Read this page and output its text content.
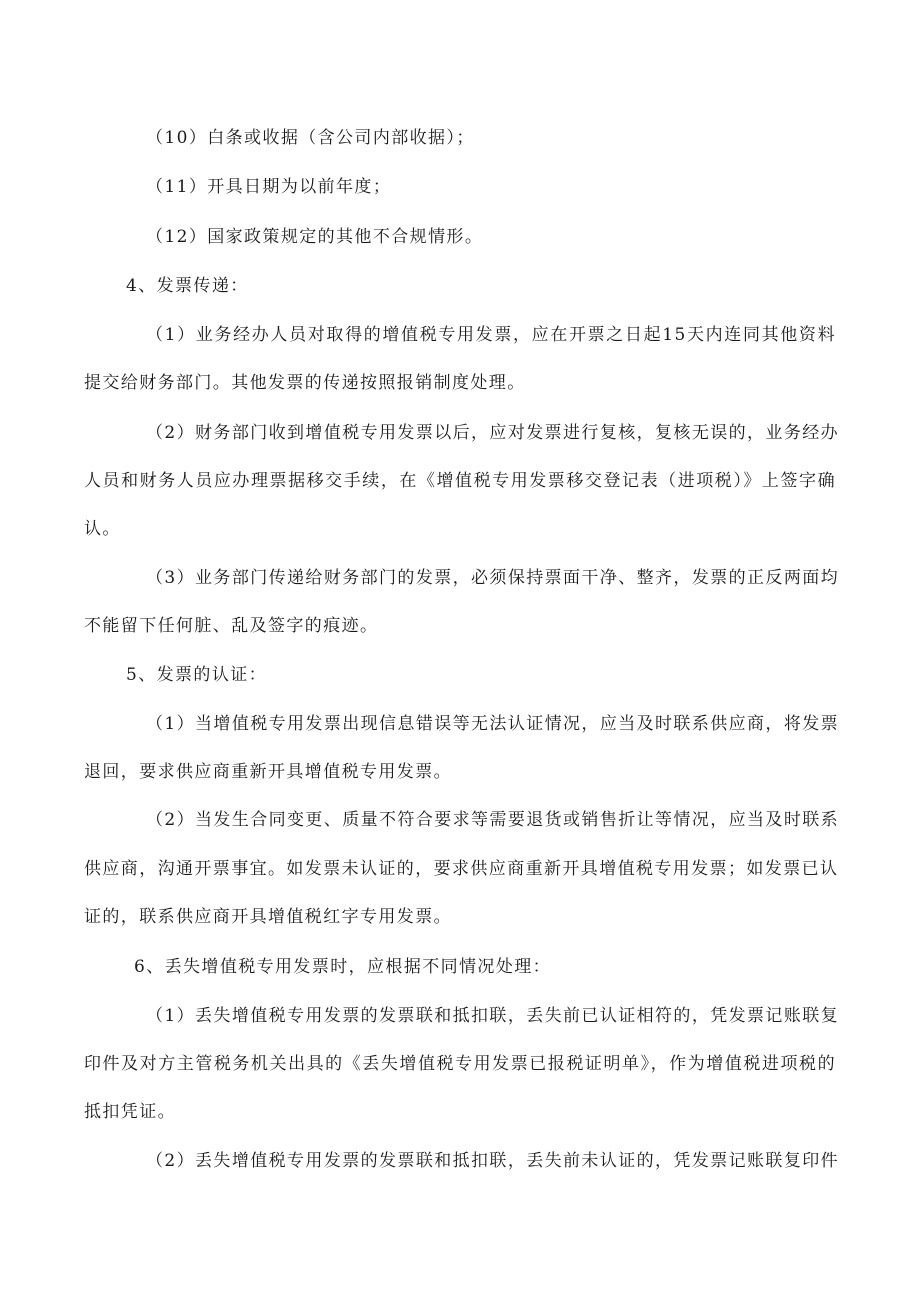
（10）白条或收据（含公司内部收据）；
（11）开具日期为以前年度；
（12）国家政策规定的其他不合规情形。
4、发票传递：
（1）业务经办人员对取得的增值税专用发票，应在开票之日起15天内连同其他资料
提交给财务部门。其他发票的传递按照报销制度处理。
（2）财务部门收到增值税专用发票以后，应对发票进行复核，复核无误的，业务经办
人员和财务人员应办理票据移交手续，在《增值税专用发票移交登记表（进项税）》上签字确
认。
（3）业务部门传递给财务部门的发票，必须保持票面干净、整齐，发票的正反两面均
不能留下任何脏、乱及签字的痕迹。
5、发票的认证：
（1）当增值税专用发票出现信息错误等无法认证情况，应当及时联系供应商，将发票
退回，要求供应商重新开具增值税专用发票。
（2）当发生合同变更、质量不符合要求等需要退货或销售折让等情况，应当及时联系
供应商，沟通开票事宜。如发票未认证的，要求供应商重新开具增值税专用发票；如发票已认
证的，联系供应商开具增值税红字专用发票。
6、丢失增值税专用发票时，应根据不同情况处理：
（1）丢失增值税专用发票的发票联和抵扣联，丢失前已认证相符的，凭发票记账联复
印件及对方主管税务机关出具的《丢失增值税专用发票已报税证明单》，作为增值税进项税的
抵扣凭证。
（2）丢失增值税专用发票的发票联和抵扣联，丢失前未认证的，凭发票记账联复印件
